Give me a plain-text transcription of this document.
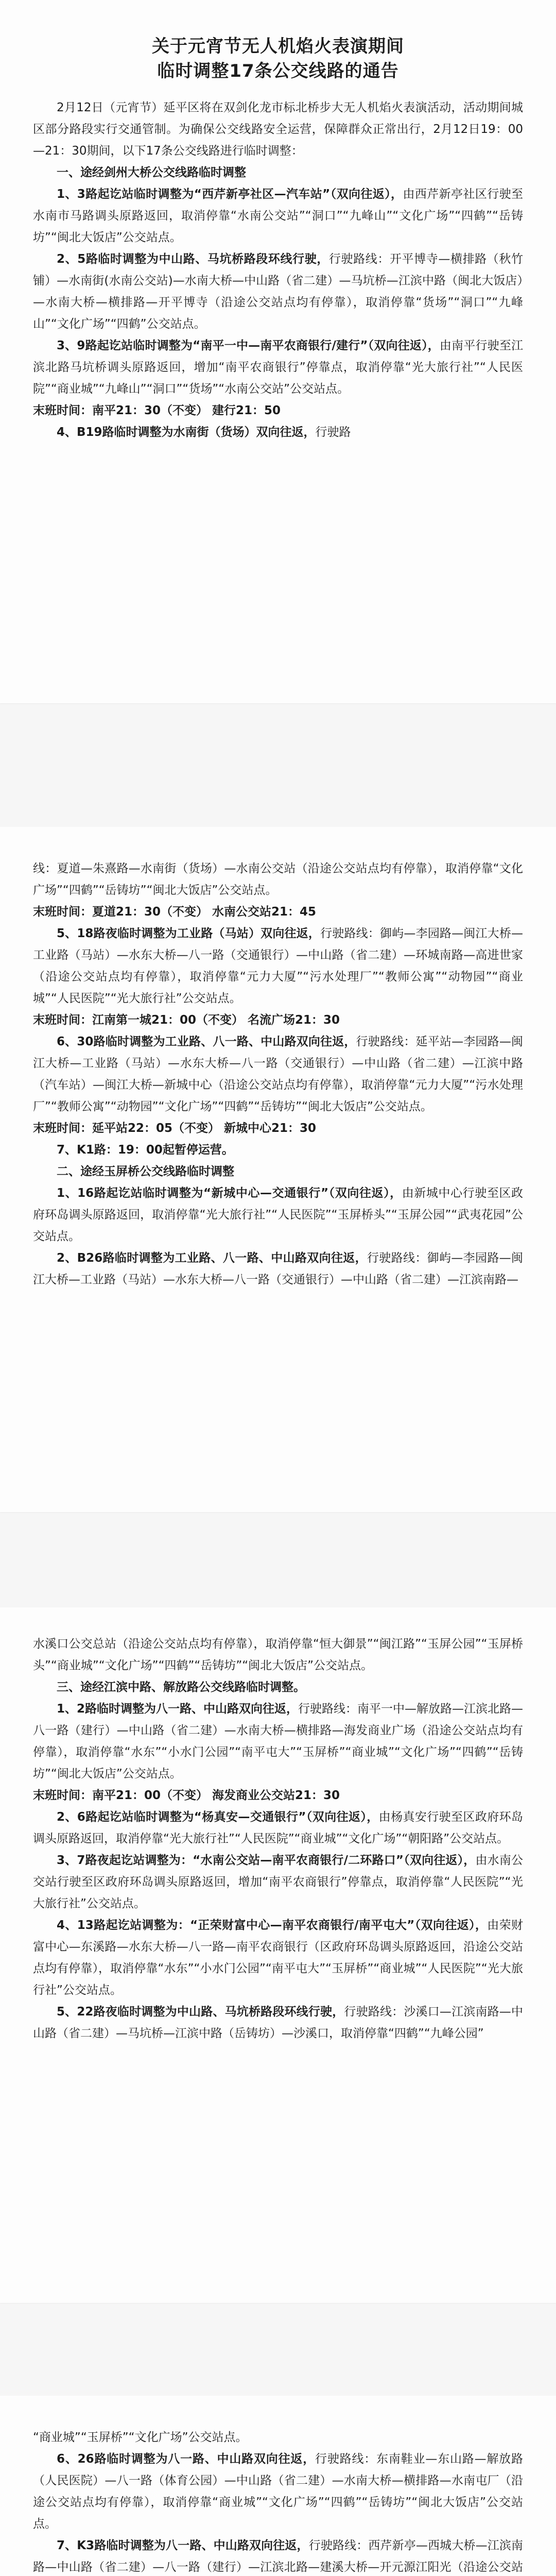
关于元宵节无人机焰火表演期间
临时调整17条公交线路的通告

2月12日（元宵节）延平区将在双剑化龙市标北桥步大无人机焰火表演活动，活动期间城区部分路段实行交通管制。为确保公交线路安全运营，保障群众正常出行，2月12日19：00—21：30期间，以下17条公交线路进行临时调整：

一、途经剑州大桥公交线路临时调整

1、3路起讫站临时调整为“西芹新亭社区—汽车站”（双向往返），由西芹新亭社区行驶至水南市马路调头原路返回，取消停靠“水南公交站”“洞口”“九峰山”“文化广场”“四鹤”“岳铸坊”“闽北大饭店”公交站点。

2、5路临时调整为中山路、马坑桥路段环线行驶，行驶路线：开平博寺—横排路（秋竹铺）—水南街(水南公交站)—水南大桥—中山路（省二建）—马坑桥—江滨中路（闽北大饭店）—水南大桥—横排路—开平博寺（沿途公交站点均有停靠），取消停靠“货场”“洞口”“九峰山”“文化广场”“四鹤”公交站点。

3、9路起讫站临时调整为“南平一中—南平农商银行/建行”（双向往返），由南平行驶至江滨北路马坑桥调头原路返回，增加“南平农商银行”停靠点，取消停靠“光大旅行社”“人民医院”“商业城”“九峰山”“洞口”“货场”“水南公交站”公交站点。

末班时间：南平21：30（不变） 建行21：50

4、B19路临时调整为水南街（货场）双向往返，行驶路

线：夏道—朱熹路—水南街（货场）—水南公交站（沿途公交站点均有停靠），取消停靠“文化广场”“四鹤”“岳铸坊”“闽北大饭店”公交站点。

末班时间：夏道21：30（不变） 水南公交站21：45

5、18路夜临时调整为工业路（马站）双向往返，行驶路线：御屿—李园路—闽江大桥—工业路（马站）—水东大桥—八一路（交通银行）—中山路（省二建）—环城南路—高进世家（沿途公交站点均有停靠），取消停靠“元力大厦”“污水处理厂”“教师公寓”“动物园”“商业城”“人民医院”“光大旅行社”公交站点。

末班时间：江南第一城21：00（不变） 名流广场21：30

6、30路临时调整为工业路、八一路、中山路双向往返，行驶路线：延平站—李园路—闽江大桥—工业路（马站）—水东大桥—八一路（交通银行）—中山路（省二建）—江滨中路（汽车站）—闽江大桥—新城中心（沿途公交站点均有停靠），取消停靠“元力大厦”“污水处理厂”“教师公寓”“动物园”“文化广场”“四鹤”“岳铸坊”“闽北大饭店”公交站点。

末班时间：延平站22：05（不变） 新城中心21：30

7、K1路：19：00起暂停运营。

二、途经玉屏桥公交线路临时调整

1、16路起讫站临时调整为“新城中心—交通银行”（双向往返），由新城中心行驶至区政府环岛调头原路返回，取消停靠“光大旅行社”“人民医院”“玉屏桥头”“玉屏公园”“武夷花园”公交站点。

2、B26路临时调整为工业路、八一路、中山路双向往返，行驶路线：御屿—李园路—闽江大桥—工业路（马站）—水东大桥—八一路（交通银行）—中山路（省二建）—江滨南路—

水溪口公交总站（沿途公交站点均有停靠），取消停靠“恒大御景”“闽江路”“玉屏公园”“玉屏桥头”“商业城”“文化广场”“四鹤”“岳铸坊”“闽北大饭店”公交站点。

三、途经江滨中路、解放路公交线路临时调整。

1、2路临时调整为八一路、中山路双向往返，行驶路线：南平一中—解放路—江滨北路—八一路（建行）—中山路（省二建）—水南大桥—横排路—海发商业广场（沿途公交站点均有停靠），取消停靠“水东”“小水门公园”“南平屯大”“玉屏桥”“商业城”“文化广场”“四鹤”“岳铸坊”“闽北大饭店”公交站点。

末班时间：南平21：00（不变） 海发商业公交站21：30

2、6路起讫站临时调整为“杨真安—交通银行”（双向往返），由杨真安行驶至区政府环岛调头原路返回，取消停靠“光大旅行社”“人民医院”“商业城”“文化广场”“朝阳路”公交站点。

3、7路夜起讫站调整为：“水南公交站—南平农商银行/二环路口”（双向往返），由水南公交站行驶至区政府环岛调头原路返回，增加“南平农商银行”停靠点，取消停靠“人民医院”“光大旅行社”公交站点。

4、13路起讫站调整为：“正荣财富中心—南平农商银行/南平屯大”（双向往返），由荣财富中心—东溪路—水东大桥—八一路—南平农商银行（区政府环岛调头原路返回，沿途公交站点均有停靠），取消停靠“水东”“小水门公园”“南平屯大”“玉屏桥”“商业城”“人民医院”“光大旅行社”公交站点。

5、22路夜临时调整为中山路、马坑桥路段环线行驶，行驶路线：沙溪口—江滨南路—中山路（省二建）—马坑桥—江滨中路（岳铸坊）—沙溪口，取消停靠“四鹤”“九峰公园”

“商业城”“玉屏桥”“文化广场”公交站点。

6、26路临时调整为八一路、中山路双向往返，行驶路线：东南鞋业—东山路—解放路（人民医院）—八一路（体育公园）—中山路（省二建）—水南大桥—横排路—水南屯厂（沿途公交站点均有停靠），取消停靠“商业城”“文化广场”“四鹤”“岳铸坊”“闽北大饭店”公交站点。

7、K3路临时调整为八一路、中山路双向往返，行驶路线：西芹新亭—西城大桥—江滨南路—中山路（省二建）—八一路（建行）—江滨北路—建溪大桥—开元源江阳光（沿途公交站
